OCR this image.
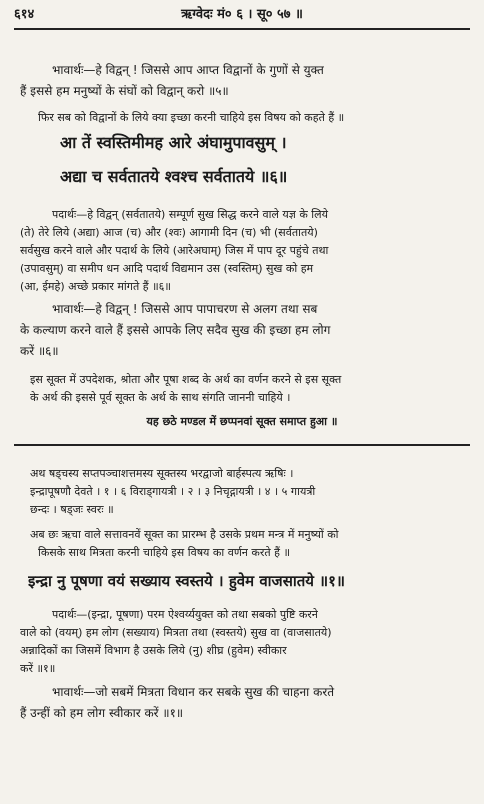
६१४	ऋग्वेदः मं० ६ । सू० ५७ ॥
भावार्थः—हे विद्वन् ! जिससे आप आप्त विद्वानों के गुणों से युक्त
हैं इससे हम मनुष्यों के संघों को विद्वान् करो ॥५॥
फिर सब को विद्वानों के लिये क्या इच्छा करनी चाहिये इस विषय को कहते हैं ॥
आ तें स्वस्तिमीमह आरे अंघामुपावसुम् ।
अद्या च सर्वतातये श्वश्च सर्वतातये ॥६॥
पदार्थः—हे विद्वन् (सर्वतातये) सम्पूर्ण सुख सिद्ध करने वाले यज्ञ के लिये
(ते) तेरे लिये (अद्या) आज (च) और (श्वः) आगामी दिन (च) भी (सर्वतातये)
सर्वसुख करने वाले और पदार्थ के लिये (आरेअघाम्) जिस में पाप दूर पहुंचे तथा
(उपावसुम्) वा समीप धन आदि पदार्थ विद्यमान उस (स्वस्तिम्) सुख को हम
(आ, ईमहे) अच्छे प्रकार मांगते हैं ॥६॥
भावार्थः—हे विद्वन् ! जिससे आप पापाचरण से अलग तथा सब
के कल्याण करने वाले हैं इससे आपके लिए सदैव सुख की इच्छा हम लोग
करें ॥६॥
इस सूक्त में उपदेशक, श्रोता और पूषा शब्द के अर्थ का वर्णन करने से इस सूक्त
के अर्थ की इससे पूर्व सूक्त के अर्थ के साथ संगति जाननी चाहिये ।
यह छठे मण्डल में छप्पनवां सूक्त समाप्त हुआ ॥
अथ षड्चस्य सप्तपञ्चाशत्तमस्य सूक्तस्य भरद्वाजो बार्हस्पत्य ऋषिः ।
इन्द्रापूषणौ देवते । १ । ६ विराड्गायत्री । २ । ३ निचृद्गायत्री । ४ । ५ गायत्री
छन्दः । षड्जः स्वरः ॥
अब छः ऋचा वाले सत्तावनवें सूक्त का प्रारम्भ है उसके प्रथम मन्त्र में मनुष्यों को
किसके साथ मित्रता करनी चाहिये इस विषय का वर्णन करते हैं ॥
इन्द्रा नु पूषणा वयं सख्याय स्वस्तये । हुवेम वाजसातये ॥१॥
पदार्थः—(इन्द्रा, पूषणा) परम ऐश्वर्य्ययुक्त को तथा सबको पुष्टि करने
वाले को (वयम्) हम लोग (सख्याय) मित्रता तथा (स्वस्तये) सुख वा (वाजसातये)
अन्नादिकों का जिसमें विभाग है उसके लिये (नु) शीघ्र (हुवेम) स्वीकार
करें ॥१॥
भावार्थः—जो सबमें मित्रता विधान कर सबके सुख की चाहना करते
हैं उन्हीं को हम लोग स्वीकार करें ॥१॥
